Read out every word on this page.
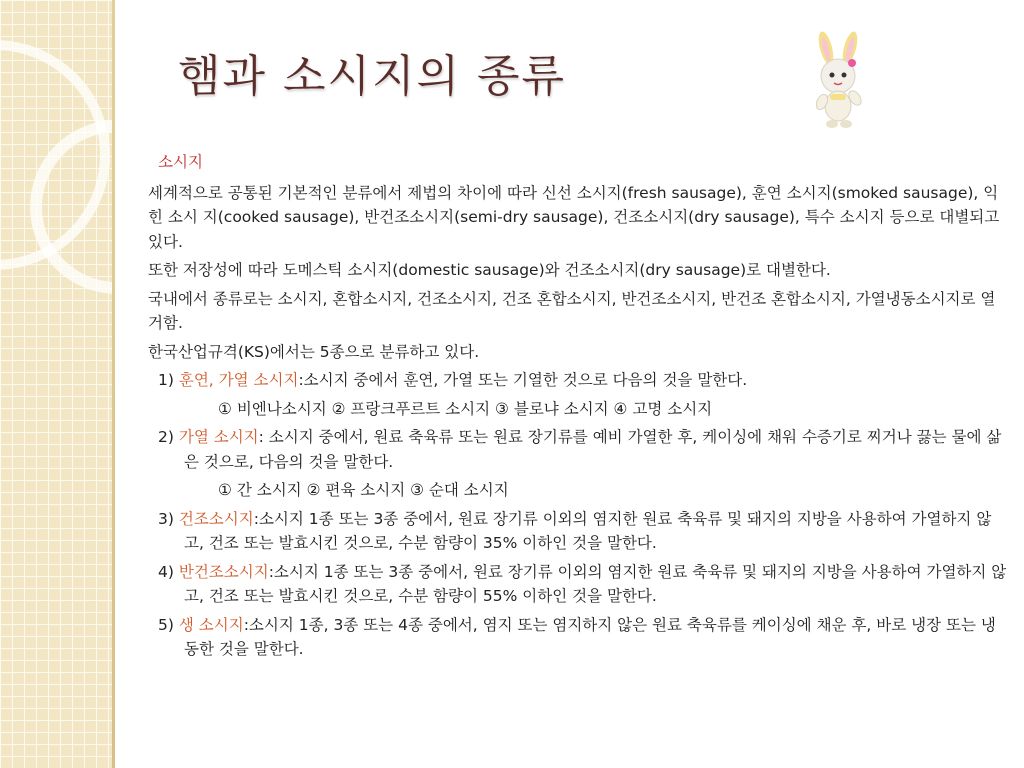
햄과 소시지의 종류

소시지

세계적으로 공통된 기본적인 분류에서 제법의 차이에 따라 신선 소시지(fresh sausage), 훈연 소시지(smoked sausage), 익힌 소시 지(cooked sausage), 반건조소시지(semi-dry sausage), 건조소시지(dry sausage), 특수 소시지 등으로 대별되고 있다.

또한 저장성에 따라 도메스틱 소시지(domestic sausage)와 건조소시지(dry sausage)로 대별한다.

국내에서 종류로는 소시지, 혼합소시지, 건조소시지, 건조 혼합소시지, 반건조소시지, 반건조 혼합소시지, 가열냉동소시지로 열거함.

한국산업규격(KS)에서는 5종으로 분류하고 있다.

1) 훈연, 가열 소시지:소시지 중에서 훈연, 가열 또는 기열한 것으로 다음의 것을 말한다.

① 비엔나소시지 ② 프랑크푸르트 소시지 ③ 블로냐 소시지 ④ 고명 소시지

2) 가열 소시지: 소시지 중에서, 원료 축육류 또는 원료 장기류를 예비 가열한 후, 케이싱에 채워 수증기로 찌거나 끓는 물에 삶은 것으로, 다음의 것을 말한다.

① 간 소시지 ② 편육 소시지 ③ 순대 소시지

3) 건조소시지:소시지 1종 또는 3종 중에서, 원료 장기류 이외의 염지한 원료 축육류 및 돼지의 지방을 사용하여 가열하지 않고, 건조 또는 발효시킨 것으로, 수분 함량이 35% 이하인 것을 말한다.

4) 반건조소시지:소시지 1종 또는 3종 중에서, 원료 장기류 이외의 염지한 원료 축육류 및 돼지의 지방을 사용하여 가열하지 않고, 건조 또는 발효시킨 것으로, 수분 함량이 55% 이하인 것을 말한다.

5) 생 소시지:소시지 1종, 3종 또는 4종 중에서, 염지 또는 염지하지 않은 원료 축육류를 케이싱에 채운 후, 바로 냉장 또는 냉동한 것을 말한다.
